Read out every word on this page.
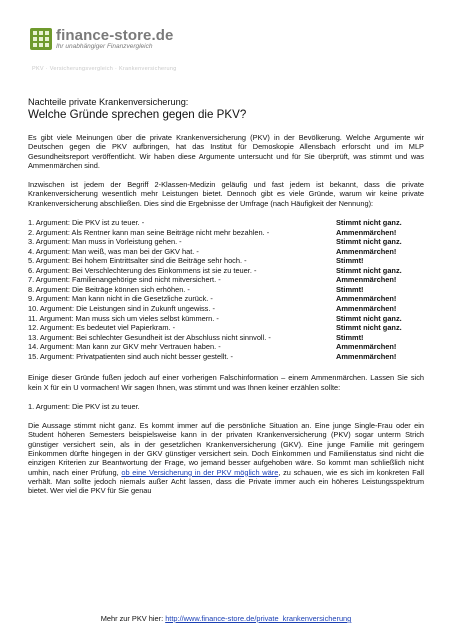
finance-store.de
Ihr unabhängiger Finanzvergleich
PKV · Versicherungsvergleich · Krankenversicherung
Nachteile private Krankenversicherung:
Welche Gründe sprechen gegen die PKV?

Es gibt viele Meinungen über die private Krankenversicherung (PKV) in der Bevölkerung. Welche Argumente wir Deutschen gegen die PKV aufbringen, hat das Institut für Demoskopie Allensbach erforscht und im MLP Gesundheitsreport veröffentlicht. Wir haben diese Argumente untersucht und für Sie überprüft, was stimmt und was Ammenmärchen sind.

Inzwischen ist jedem der Begriff 2-Klassen-Medizin geläufig und fast jedem ist bekannt, dass die private Krankenversicherung wesentlich mehr Leistungen bietet. Dennoch gibt es viele Gründe, warum wir keine private Krankenversicherung abschließen. Dies sind die Ergebnisse der Umfrage (nach Häufigkeit der Nennung):

1. Argument: Die PKV ist zu teuer. -	Stimmt nicht ganz.
2. Argument: Als Rentner kann man seine Beiträge nicht mehr bezahlen. -	Ammenmärchen!
3. Argument: Man muss in Vorleistung gehen. -	Stimmt nicht ganz.
4. Argument: Man weiß, was man bei der GKV hat. -	Ammenmärchen!
5. Argument: Bei hohem Eintrittsalter sind die Beiträge sehr hoch. -	Stimmt!
6. Argument: Bei Verschlechterung des Einkommens ist sie zu teuer. -	Stimmt nicht ganz.
7. Argument: Familienangehörige sind nicht mitversichert. -	Ammenmärchen!
8. Argument: Die Beiträge können sich erhöhen. -	Stimmt!
9. Argument: Man kann nicht in die Gesetzliche zurück. -	Ammenmärchen!
10. Argument: Die Leistungen sind in Zukunft ungewiss. -	Ammenmärchen!
11. Argument: Man muss sich um vieles selbst kümmern. -	Stimmt nicht ganz.
12. Argument: Es bedeutet viel Papierkram. -	Stimmt nicht ganz.
13. Argument: Bei schlechter Gesundheit ist der Abschluss nicht sinnvoll. -	Stimmt!
14. Argument: Man kann zur GKV mehr Vertrauen haben. -	Ammenmärchen!
15. Argument: Privatpatienten sind auch nicht besser gestellt. -	Ammenmärchen!

Einige dieser Gründe fußen jedoch auf einer vorherigen Falschinformation – einem Ammenmärchen. Lassen Sie sich kein X für ein U vormachen! Wir sagen Ihnen, was stimmt und was Ihnen keiner erzählen sollte:

1. Argument: Die PKV ist zu teuer.

Die Aussage stimmt nicht ganz. Es kommt immer auf die persönliche Situation an. Eine junge Single-Frau oder ein Student höheren Semesters beispielsweise kann in der privaten Krankenversicherung (PKV) sogar unterm Strich günstiger versichert sein, als in der gesetzlichen Krankenversicherung (GKV). Eine junge Familie mit geringem Einkommen dürfte hingegen in der GKV günstiger versichert sein. Doch Einkommen und Familienstatus sind nicht die einzigen Kriterien zur Beantwortung der Frage, wo jemand besser aufgehoben wäre. So kommt man schließlich nicht umhin, nach einer Prüfung, ob eine Versicherung in der PKV möglich wäre, zu schauen, wie es sich im konkreten Fall verhält. Man sollte jedoch niemals außer Acht lassen, dass die Private immer auch ein höheres Leistungsspektrum bietet. Wer viel die PKV für Sie genau

Mehr zur PKV hier: http://www.finance-store.de/private_krankenversicherung
